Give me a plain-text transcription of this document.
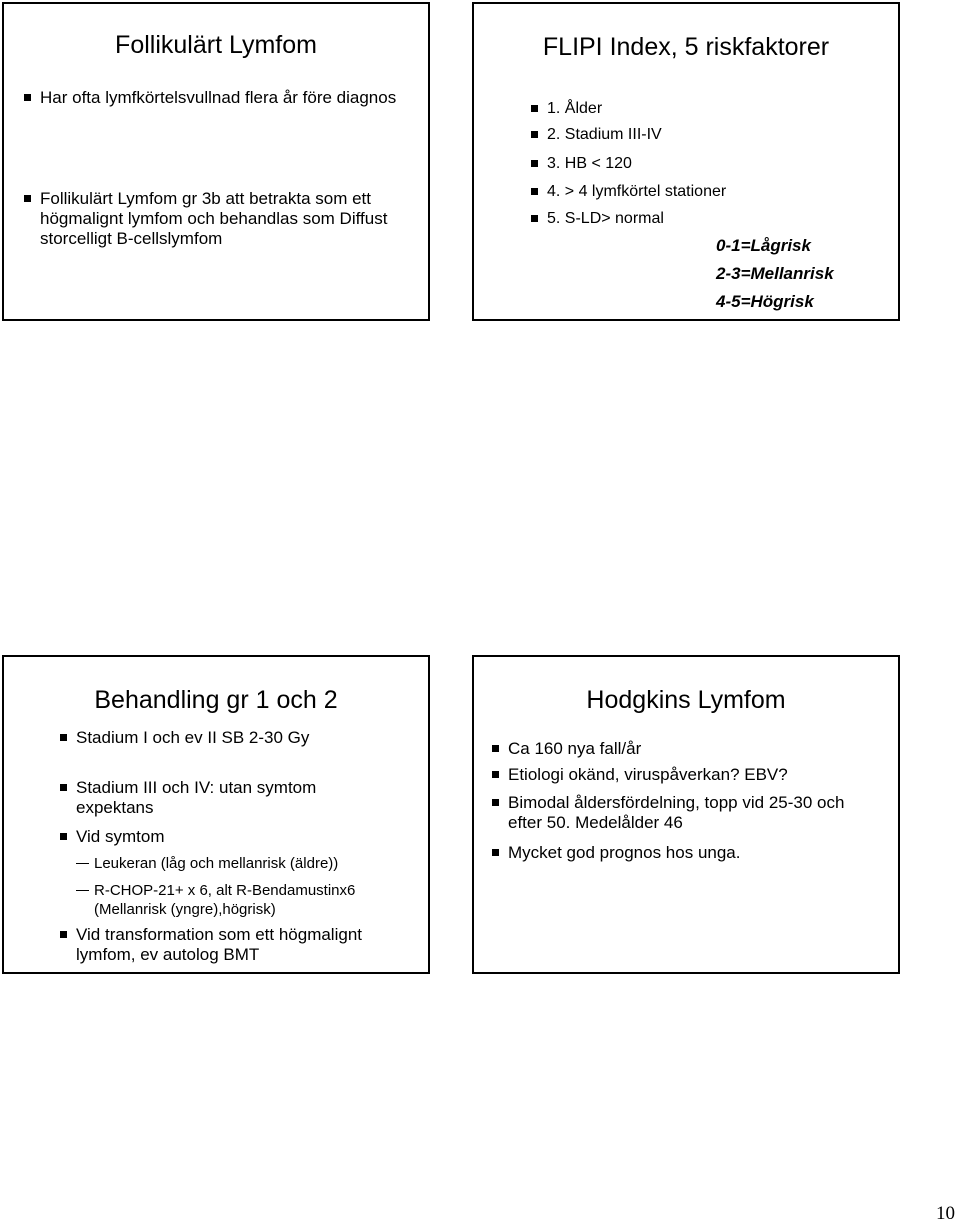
Follikulärt Lymfom
Har ofta lymfkörtelsvullnad flera år före diagnos
Follikulärt Lymfom gr 3b att betrakta som ett högmalignt lymfom och behandlas som Diffust storcelligt B-cellslymfom
FLIPI Index, 5 riskfaktorer
1. Ålder
2. Stadium III-IV
3. HB < 120
4. > 4 lymfkörtel stationer
5. S-LD> normal
0-1=Lågrisk
2-3=Mellanrisk
4-5=Högrisk
Behandling gr 1 och 2
Stadium I och ev II SB 2-30 Gy
Stadium III och IV: utan symtom expektans
Vid symtom
Leukeran (låg och mellanrisk (äldre))
R-CHOP-21+ x 6, alt R-Bendamustinx6 (Mellanrisk (yngre),högrisk)
Vid transformation som ett högmalignt lymfom, ev autolog BMT
Hodgkins Lymfom
Ca 160 nya fall/år
Etiologi okänd, viruspåverkan? EBV?
Bimodal åldersfördelning, topp vid 25-30 och efter 50. Medelålder 46
Mycket god prognos hos unga.
10
